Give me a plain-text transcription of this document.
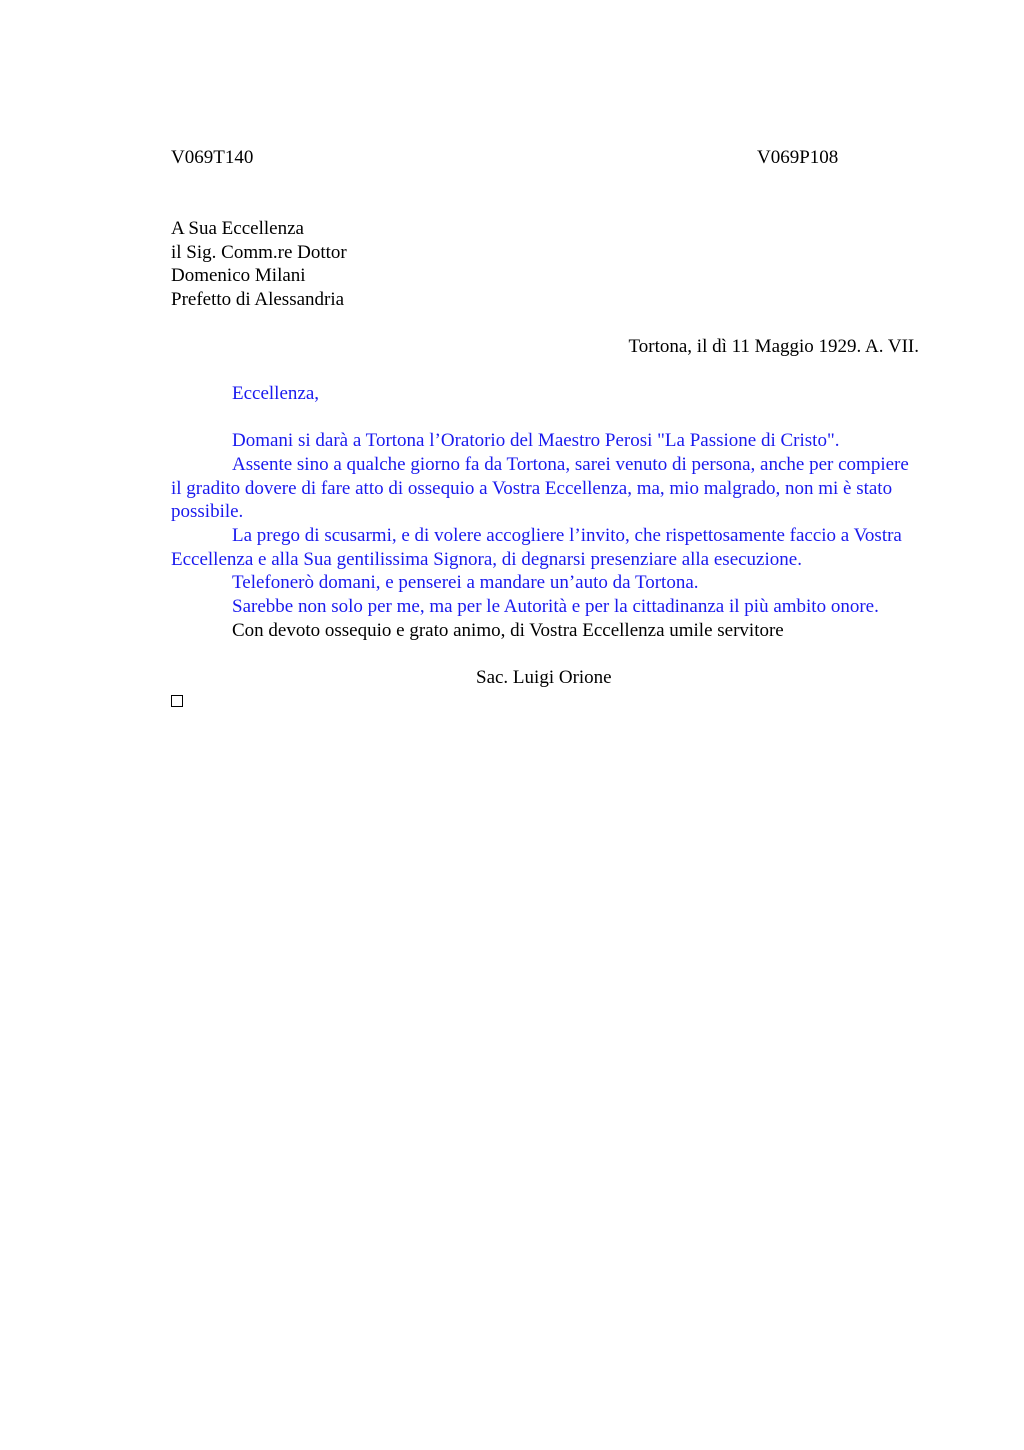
V069T140	V069P108
A Sua Eccellenza
il Sig. Comm.re Dottor
Domenico Milani
Prefetto di Alessandria
Tortona, il dì 11 Maggio 1929. A. VII.
Eccellenza,

Domani si darà a Tortona l’Oratorio del Maestro Perosi "La Passione di Cristo".

Assente sino a qualche giorno fa da Tortona, sarei venuto di persona, anche per compiere il gradito dovere di fare atto di ossequio a Vostra Eccellenza, ma, mio malgrado, non mi è stato possibile.

La prego di scusarmi, e di volere accogliere l’invito, che rispettosamente faccio a Vostra Eccellenza e alla Sua gentilissima Signora, di degnarsi presenziare alla esecuzione.

Telefonerò domani, e penserei a mandare un’auto da Tortona.

Sarebbe non solo per me, ma per le Autorità e per la cittadinanza il più ambito onore.

Con devoto ossequio e grato animo, di Vostra Eccellenza umile servitore

Sac. Luigi Orione
